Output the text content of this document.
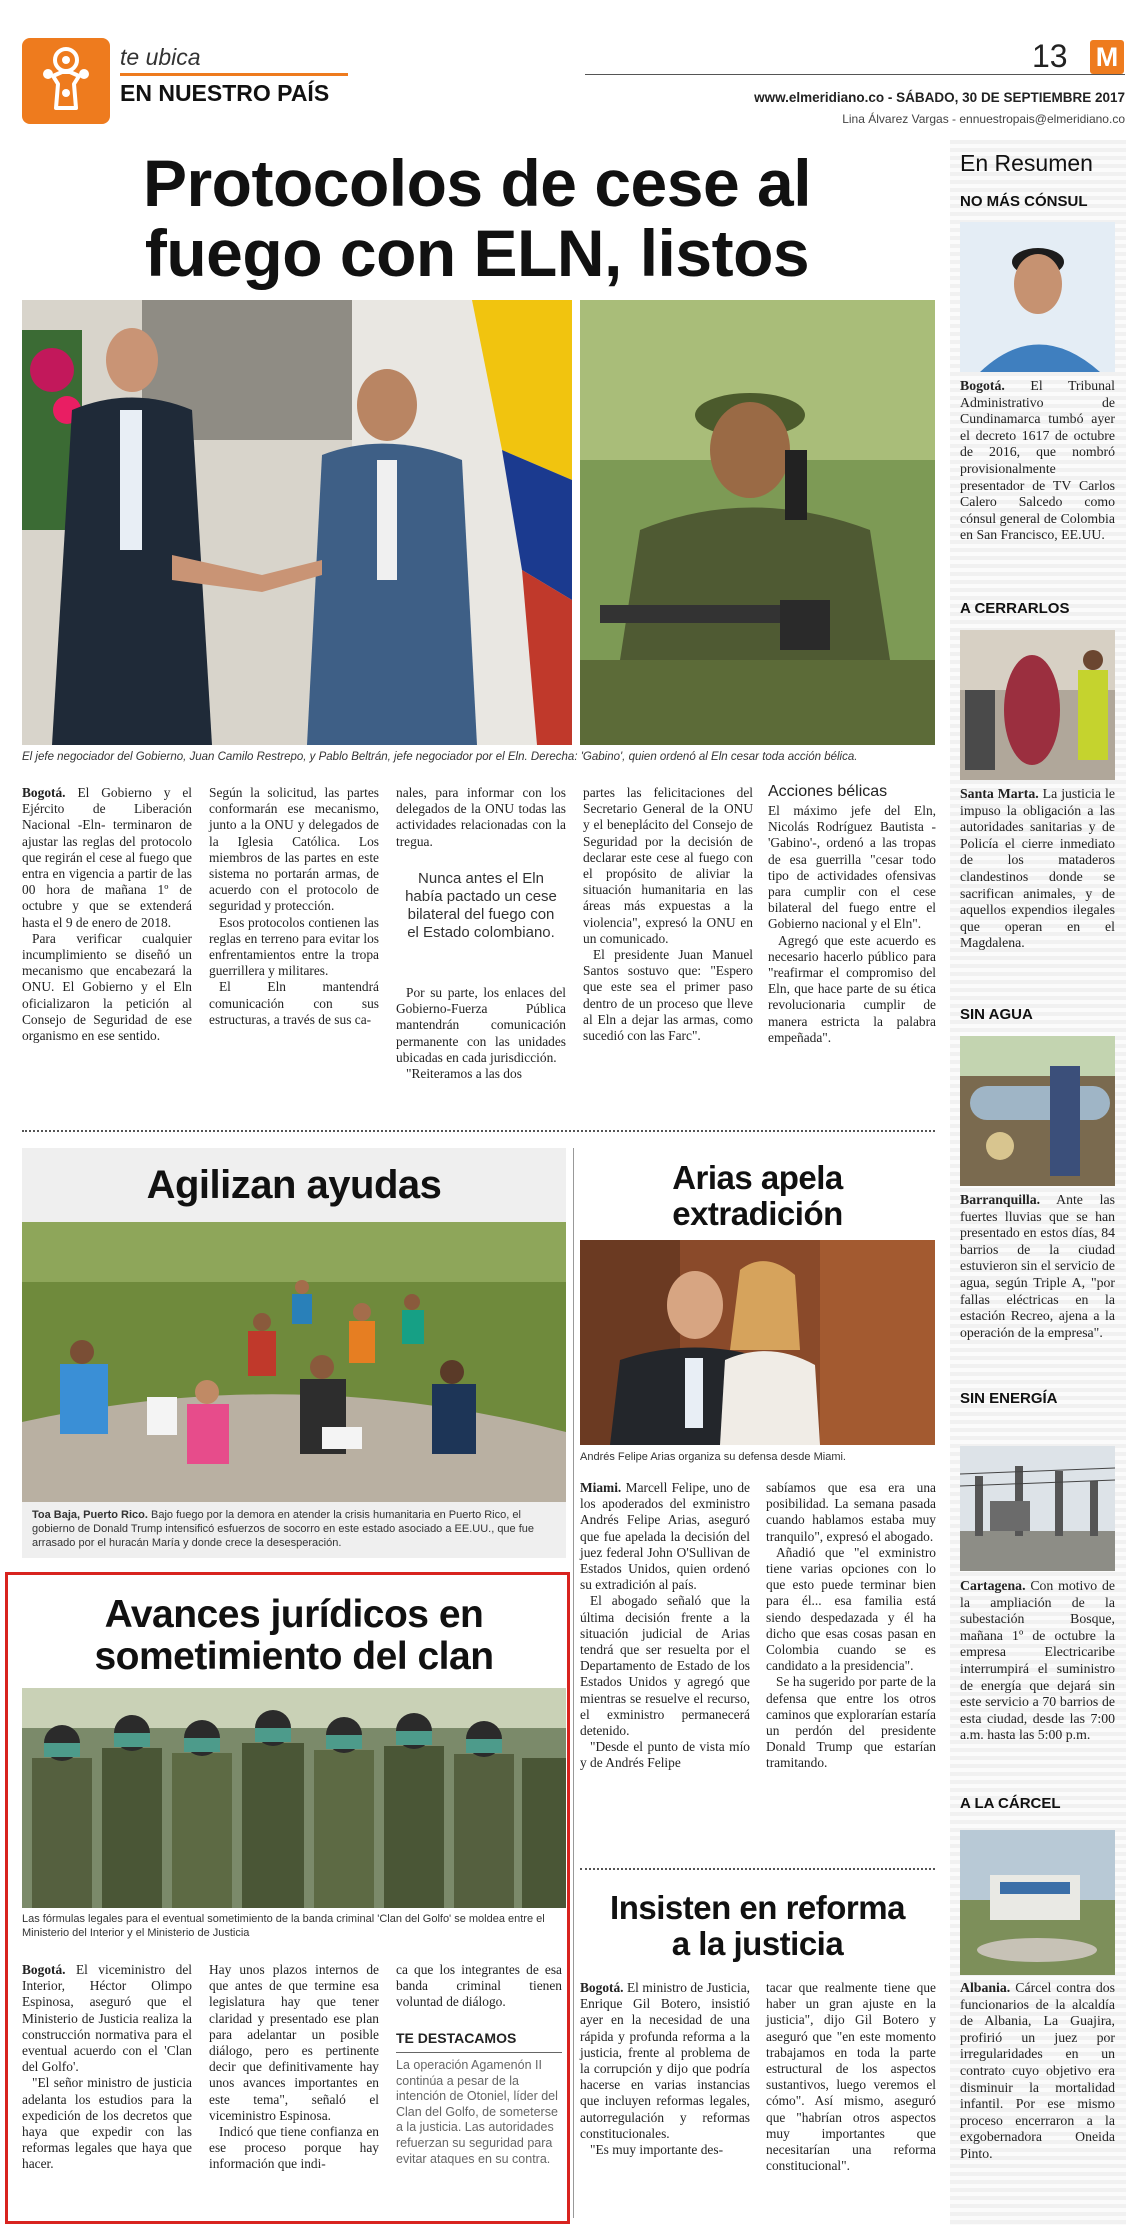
te ubica
EN NUESTRO PAÍS
13 M
www.elmeridiano.co - SÁBADO, 30 DE SEPTIEMBRE 2017
Lina Álvarez Vargas - ennuestropais@elmeridiano.co
Protocolos de cese al
fuego con ELN, listos
El jefe negociador del Gobierno, Juan Camilo Restrepo, y Pablo Beltrán, jefe negociador por el Eln. Derecha: 'Gabino', quien ordenó al Eln cesar toda acción bélica.

Bogotá. El Gobierno y el Ejército de Liberación Nacional -Eln- terminaron de ajustar las reglas del protocolo que regirán el cese al fuego que entra en vigencia a partir de las 00 hora de mañana 1º de octubre y que se extenderá hasta el 9 de enero de 2018.

Para verificar cualquier incumplimiento se diseñó un mecanismo que encabezará la ONU. El Gobierno y el Eln oficializaron la petición al Consejo de Seguridad de ese organismo en ese sentido.

Según la solicitud, las partes conformarán ese mecanismo, junto a la ONU y delegados de la Iglesia Católica. Los miembros de las partes en este sistema no portarán armas, de acuerdo con el protocolo de seguridad y protección.

Esos protocolos contienen las reglas en terreno para evitar los enfrentamientos entre la tropa guerrillera y militares.

El Eln mantendrá comunicación con sus estructuras, a través de sus ca-

nales, para informar con los delegados de la ONU todas las actividades relacionadas con la tregua.

Nunca antes el Eln había pactado un cese bilateral del fuego con el Estado colombiano.

Por su parte, los enlaces del Gobierno-Fuerza Pública mantendrán comunicación permanente con las unidades ubicadas en cada jurisdicción.

"Reiteramos a las dos

partes las felicitaciones del Secretario General de la ONU y el beneplácito del Consejo de Seguridad por la decisión de declarar este cese al fuego con el propósito de aliviar la situación humanitaria en las áreas más expuestas a la violencia", expresó la ONU en un comunicado.

El presidente Juan Manuel Santos sostuvo que: "Espero que este sea el primer paso dentro de un proceso que lleve al Eln a dejar las armas, como sucedió con las Farc".

Acciones bélicas

El máximo jefe del Eln, Nicolás Rodríguez Bautista -'Gabino'-, ordenó a las tropas de esa guerrilla "cesar todo tipo de actividades ofensivas para cumplir con el cese bilateral del fuego entre el Gobierno nacional y el Eln".

Agregó que este acuerdo es necesario hacerlo público para "reafirmar el compromiso del Eln, que hace parte de su ética revolucionaria cumplir de manera estricta la palabra empeñada".

Agilizan ayudas
Toa Baja, Puerto Rico. Bajo fuego por la demora en atender la crisis humanitaria en Puerto Rico, el gobierno de Donald Trump intensificó esfuerzos de socorro en este estado asociado a EE.UU., que fue arrasado por el huracán María y donde crece la desesperación.
Avances jurídicos en
sometimiento del clan
Las fórmulas legales para el eventual sometimiento de la banda criminal 'Clan del Golfo' se moldea entre el Ministerio del Interior y el Ministerio de Justicia

Bogotá. El viceministro del Interior, Héctor Olimpo Espinosa, aseguró que el Ministerio de Justicia realiza la construcción normativa para el eventual acuerdo con el 'Clan del Golfo'.

"El señor ministro de justicia adelanta los estudios para la expedición de los decretos que haya que expedir con las reformas legales que haya que hacer.

Hay unos plazos internos de que antes de que termine esa legislatura hay que tener claridad y presentado ese plan para adelantar un posible diálogo, pero es pertinente decir que definitivamente hay unos avances importantes en este tema", señaló el viceministro Espinosa.

Indicó que tiene confianza en ese proceso porque hay información que indi-

ca que los integrantes de esa banda criminal tienen voluntad de diálogo.

TE DESTACAMOS
La operación Agamenón II continúa a pesar de la intención de Otoniel, líder del Clan del Golfo, de someterse a la justicia. Las autoridades refuerzan su seguridad para evitar ataques en su contra.
Arias apela
extradición
Andrés Felipe Arias organiza su defensa desde Miami.

Miami. Marcell Felipe, uno de los apoderados del exministro Andrés Felipe Arias, aseguró que fue apelada la decisión del juez federal John O'Sullivan de Estados Unidos, quien ordenó su extradición al país.

El abogado señaló que la última decisión frente a la situación judicial de Arias tendrá que ser resuelta por el Departamento de Estado de los Estados Unidos y agregó que mientras se resuelve el recurso, el exministro permanecerá detenido.

"Desde el punto de vista mío y de Andrés Felipe

sabíamos que esa era una posibilidad. La semana pasada cuando hablamos estaba muy tranquilo", expresó el abogado.

Añadió que "el exministro tiene varias opciones con lo que esto puede terminar bien para él... esa familia está siendo despedazada y él ha dicho que esas cosas pasan en Colombia cuando se es candidato a la presidencia".

Se ha sugerido por parte de la defensa que entre los otros caminos que explorarían estaría un perdón del presidente Donald Trump que estarían tramitando.

Insisten en reforma
a la justicia

Bogotá. El ministro de Justicia, Enrique Gil Botero, insistió ayer en la necesidad de una rápida y profunda reforma a la justicia, frente al problema de la corrupción y dijo que podría hacerse en varias instancias que incluyen reformas legales, autorregulación y reformas constitucionales.

"Es muy importante des-

tacar que realmente tiene que haber un gran ajuste en la justicia", dijo Gil Botero y aseguró que "en este momento trabajamos en toda la parte estructural de los aspectos sustantivos, luego veremos el cómo". Así mismo, aseguró que "habrían otros aspectos muy importantes que necesitarían una reforma constitucional".

En Resumen
NO MÁS CÓNSUL
Bogotá. El Tribunal Administrativo de Cundinamarca tumbó ayer el decreto 1617 de octubre de 2016, que nombró provisionalmente presentador de TV Carlos Calero Salcedo como cónsul general de Colombia en San Francisco, EE.UU.
A CERRARLOS
Santa Marta. La justicia le impuso la obligación a las autoridades sanitarias y de Policía el cierre inmediato de los mataderos clandestinos donde se sacrifican animales, y de aquellos expendios ilegales que operan en el Magdalena.
SIN AGUA
Barranquilla. Ante las fuertes lluvias que se han presentado en estos días, 84 barrios de la ciudad estuvieron sin el servicio de agua, según Triple A, "por fallas eléctricas en la estación Recreo, ajena a la operación de la empresa".
SIN ENERGÍA
Cartagena. Con motivo de la ampliación de la subestación Bosque, mañana 1º de octubre la empresa Electricaribe interrumpirá el suministro de energía que dejará sin este servicio a 70 barrios de esta ciudad, desde las 7:00 a.m. hasta las 5:00 p.m.
A LA CÁRCEL
Albania. Cárcel contra dos funcionarios de la alcaldía de Albania, La Guajira, profirió un juez por irregularidades en un contrato cuyo objetivo era disminuir la mortalidad infantil. Por ese mismo proceso encerraron a la exgobernadora Oneida Pinto.
